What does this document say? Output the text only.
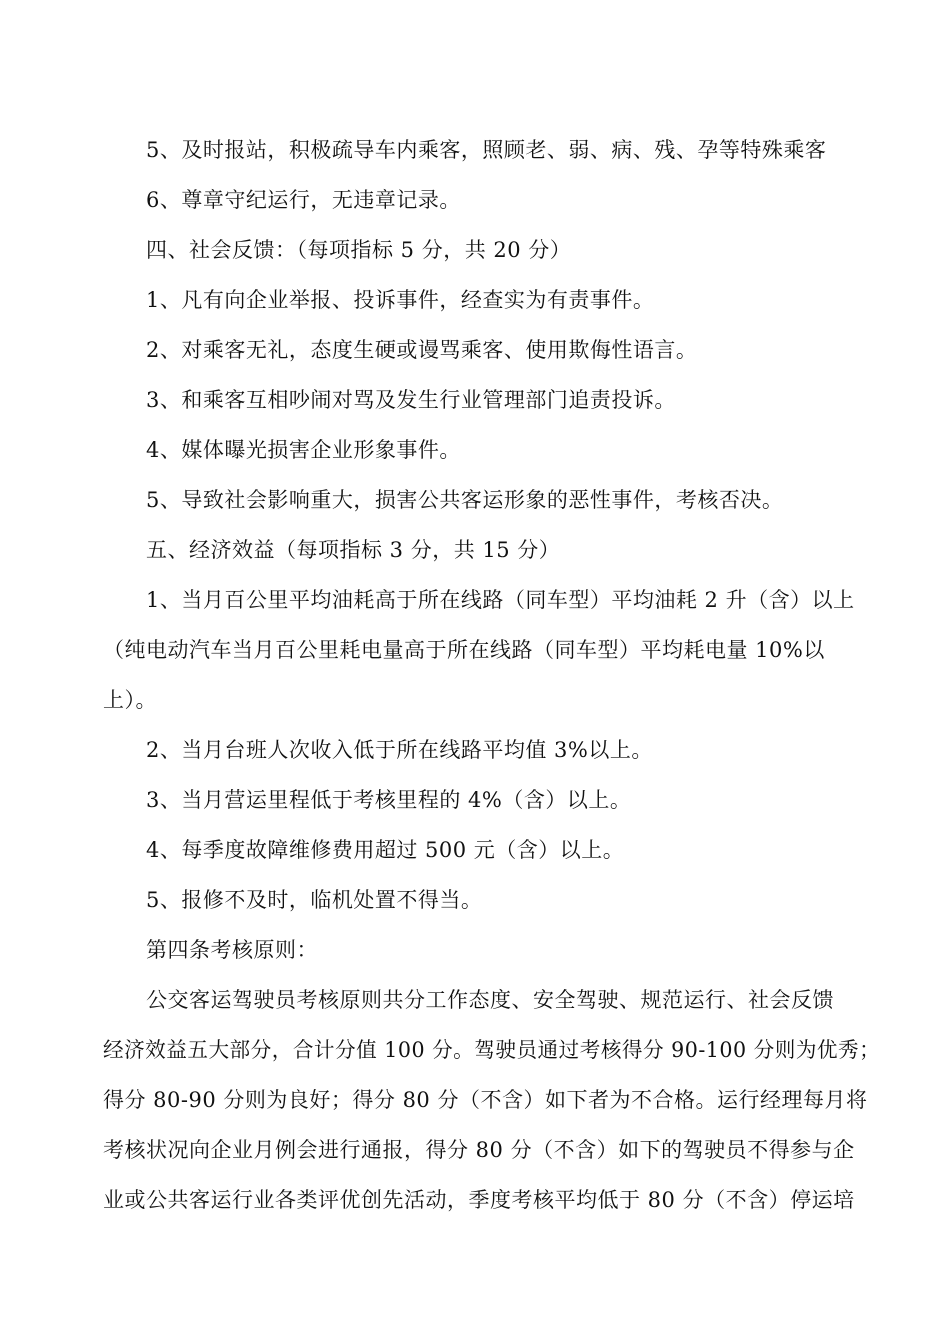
5、及时报站，积极疏导车内乘客，照顾老、弱、病、残、孕等特殊乘客
6、尊章守纪运行，无违章记录。
四、社会反馈：（每项指标 5 分，共 20 分）
1、凡有向企业举报、投诉事件，经查实为有责事件。
2、对乘客无礼，态度生硬或谩骂乘客、使用欺侮性语言。
3、和乘客互相吵闹对骂及发生行业管理部门追责投诉。
4、媒体曝光损害企业形象事件。
5、导致社会影响重大，损害公共客运形象的恶性事件，考核否决。
五、经济效益（每项指标 3 分，共 15 分）
1、当月百公里平均油耗高于所在线路（同车型）平均油耗 2 升（含）以上
（纯电动汽车当月百公里耗电量高于所在线路（同车型）平均耗电量 10%以
上）。
2、当月台班人次收入低于所在线路平均值 3%以上。
3、当月营运里程低于考核里程的 4%（含）以上。
4、每季度故障维修费用超过 500 元（含）以上。
5、报修不及时，临机处置不得当。
第四条考核原则：
公交客运驾驶员考核原则共分工作态度、安全驾驶、规范运行、社会反馈
经济效益五大部分，合计分值 100 分。驾驶员通过考核得分 90-100 分则为优秀；
得分 80-90 分则为良好；得分 80 分（不含）如下者为不合格。运行经理每月将
考核状况向企业月例会进行通报，得分 80 分（不含）如下的驾驶员不得参与企
业或公共客运行业各类评优创先活动，季度考核平均低于 80 分（不含）停运培
